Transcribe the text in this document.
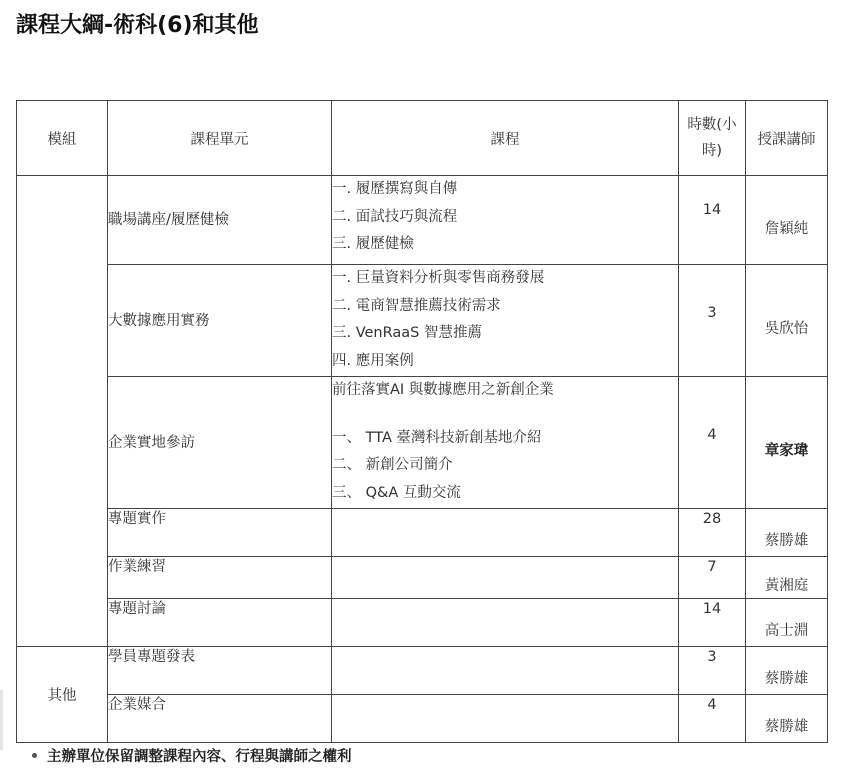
課程大綱-術科(6)和其他
模組	課程單元	課程	時數(小
時)	授課講師
	職場講座/履歷健檢	一. 履歷撰寫與自傳
二. 面試技巧與流程
三. 履歷健檢	14	詹穎純
	大數據應用實務	一. 巨量資料分析與零售商務發展
二. 電商智慧推薦技術需求
三. VenRaaS 智慧推薦
四. 應用案例	3	吳欣怡
	企業實地參訪	前往落實AI 與數據應用之新創企業
一、 TTA 臺灣科技新創基地介紹
二、 新創公司簡介
三、 Q&A 互動交流	4	章家瑋
	專題實作		28	蔡勝雄
	作業練習		7	黃湘庭
	專題討論		14	高士淵
其他	學員專題發表		3	蔡勝雄
	企業媒合		4	蔡勝雄
主辦單位保留調整課程內容、行程與講師之權利
